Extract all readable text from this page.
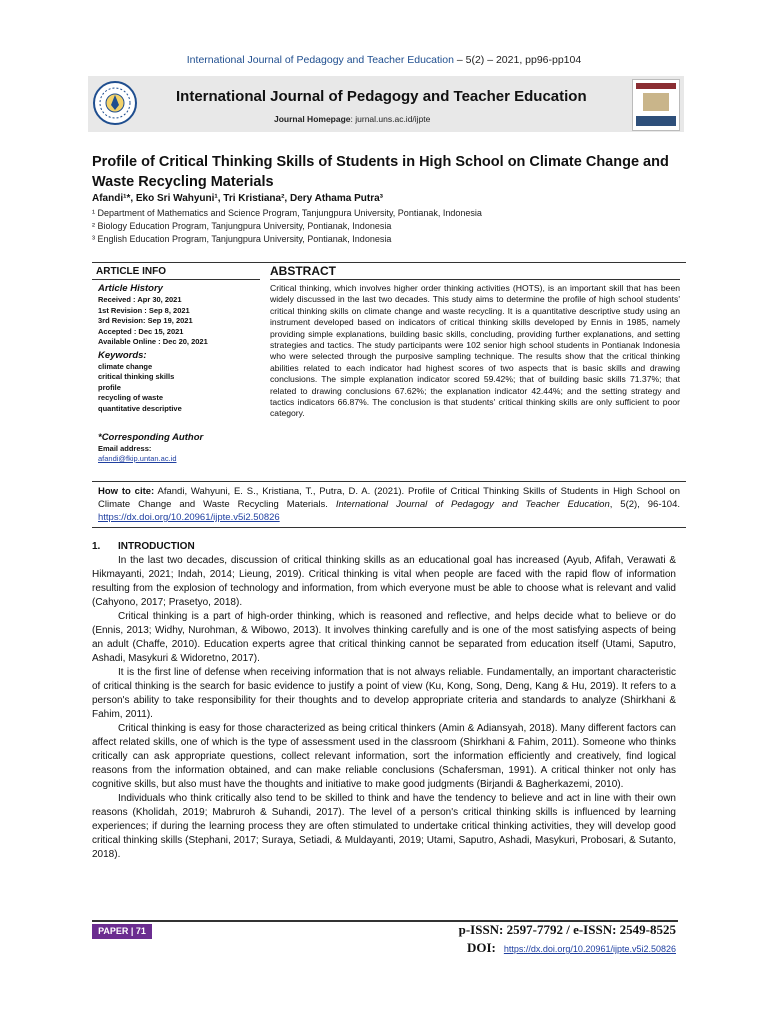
International Journal of Pedagogy and Teacher Education – 5(2) – 2021, pp96-pp104
International Journal of Pedagogy and Teacher Education
Journal Homepage: jurnal.uns.ac.id/ijpte
Profile of Critical Thinking Skills of Students in High School on Climate Change and Waste Recycling Materials
Afandi¹*, Eko Sri Wahyuni¹, Tri Kristiana², Dery Athama Putra³
¹ Department of Mathematics and Science Program, Tanjungpura University, Pontianak, Indonesia
² Biology Education Program, Tanjungpura University, Pontianak, Indonesia
³ English Education Program, Tanjungpura University, Pontianak, Indonesia
ARTICLE INFO
Article History
Received : Apr 30, 2021
1st Revision : Sep 8, 2021
3rd Revision: Sep 19, 2021
Accepted : Dec 15, 2021
Available Online : Dec 20, 2021
Keywords:
climate change
critical thinking skills
profile
recycling of waste
quantitative descriptive
*Corresponding Author
Email address:
afandi@fkip.untan.ac.id
ABSTRACT
Critical thinking, which involves higher order thinking activities (HOTS), is an important skill that has been widely discussed in the last two decades. This study aims to determine the profile of high school students' critical thinking skills on climate change and waste recycling. It is a quantitative descriptive study using an instrument developed based on indicators of critical thinking skills developed by Ennis in 1985, namely providing simple explanations, building basic skills, concluding, providing further explanations, and setting strategies and tactics. The study participants were 102 senior high school students in Pontianak Indonesia who were selected through the purposive sampling technique. The results show that the critical thinking abilities related to each indicator had highest scores of two aspects that is basic skills and drawing conclusions. The simple explanation indicator scored 59.42%; that of building basic skills 71.37%; that related to drawing conclusions 67.62%; the explanation indicator 42.44%; and the setting strategy and tactics indicators 66.87%. The conclusion is that students' critical thinking skills are only sufficient to poor category.
How to cite: Afandi, Wahyuni, E. S., Kristiana, T., Putra, D. A. (2021). Profile of Critical Thinking Skills of Students in High School on Climate Change and Waste Recycling Materials. International Journal of Pedagogy and Teacher Education, 5(2), 96-104. https://dx.doi.org/10.20961/ijpte.v5i2.50826
1. INTRODUCTION

In the last two decades, discussion of critical thinking skills as an educational goal has increased (Ayub, Afifah, Verawati & Hikmayanti, 2021; Indah, 2014; Lieung, 2019). Critical thinking is vital when people are faced with the rapid flow of information resulting from the explosion of technology and information, from which everyone must be able to choose what is relevant and valid (Cahyono, 2017; Prasetyo, 2018).

Critical thinking is a part of high-order thinking, which is reasoned and reflective, and helps decide what to believe or do (Ennis, 2013; Widhy, Nurohman, & Wibowo, 2013). It involves thinking carefully and is one of the most satisfying aspects of being an adult (Chaffe, 2010). Education experts agree that critical thinking cannot be separated from education itself (Utami, Saputro, Ashadi, Masykuri & Widoretno, 2017).

It is the first line of defense when receiving information that is not always reliable. Fundamentally, an important characteristic of critical thinking is the search for basic evidence to justify a point of view (Ku, Kong, Song, Deng, Kang & Hu, 2019). It refers to a person's ability to take responsibility for their thoughts and to develop appropriate criteria and standards to analyze (Shirkhani & Fahim, 2011).

Critical thinking is easy for those characterized as being critical thinkers (Amin & Adiansyah, 2018). Many different factors can affect related skills, one of which is the type of assessment used in the classroom (Shirkhani & Fahim, 2011). Someone who thinks critically can ask appropriate questions, collect relevant information, sort the information efficiently and creatively, find logical reasons from the information obtained, and can make reliable conclusions (Schafersman, 1991). A critical thinker not only has cognitive skills, but also must have the thoughts and initiative to make good judgments (Birjandi & Bagherkazemi, 2010).

Individuals who think critically also tend to be skilled to think and have the tendency to believe and act in line with their own reasons (Kholidah, 2019; Mabruroh & Suhandi, 2017). The level of a person's critical thinking skills is influenced by learning experiences; if during the learning process they are often stimulated to undertake critical thinking activities, they will develop good critical thinking skills (Stephani, 2017; Suraya, Setiadi, & Muldayanti, 2019; Utami, Saputro, Ashadi, Masykuri, Probosari, & Sutanto, 2018).

PAPER | 71	p-ISSN: 2597-7792 / e-ISSN: 2549-8525
DOI: https://dx.doi.org/10.20961/ijpte.v5i2.50826
